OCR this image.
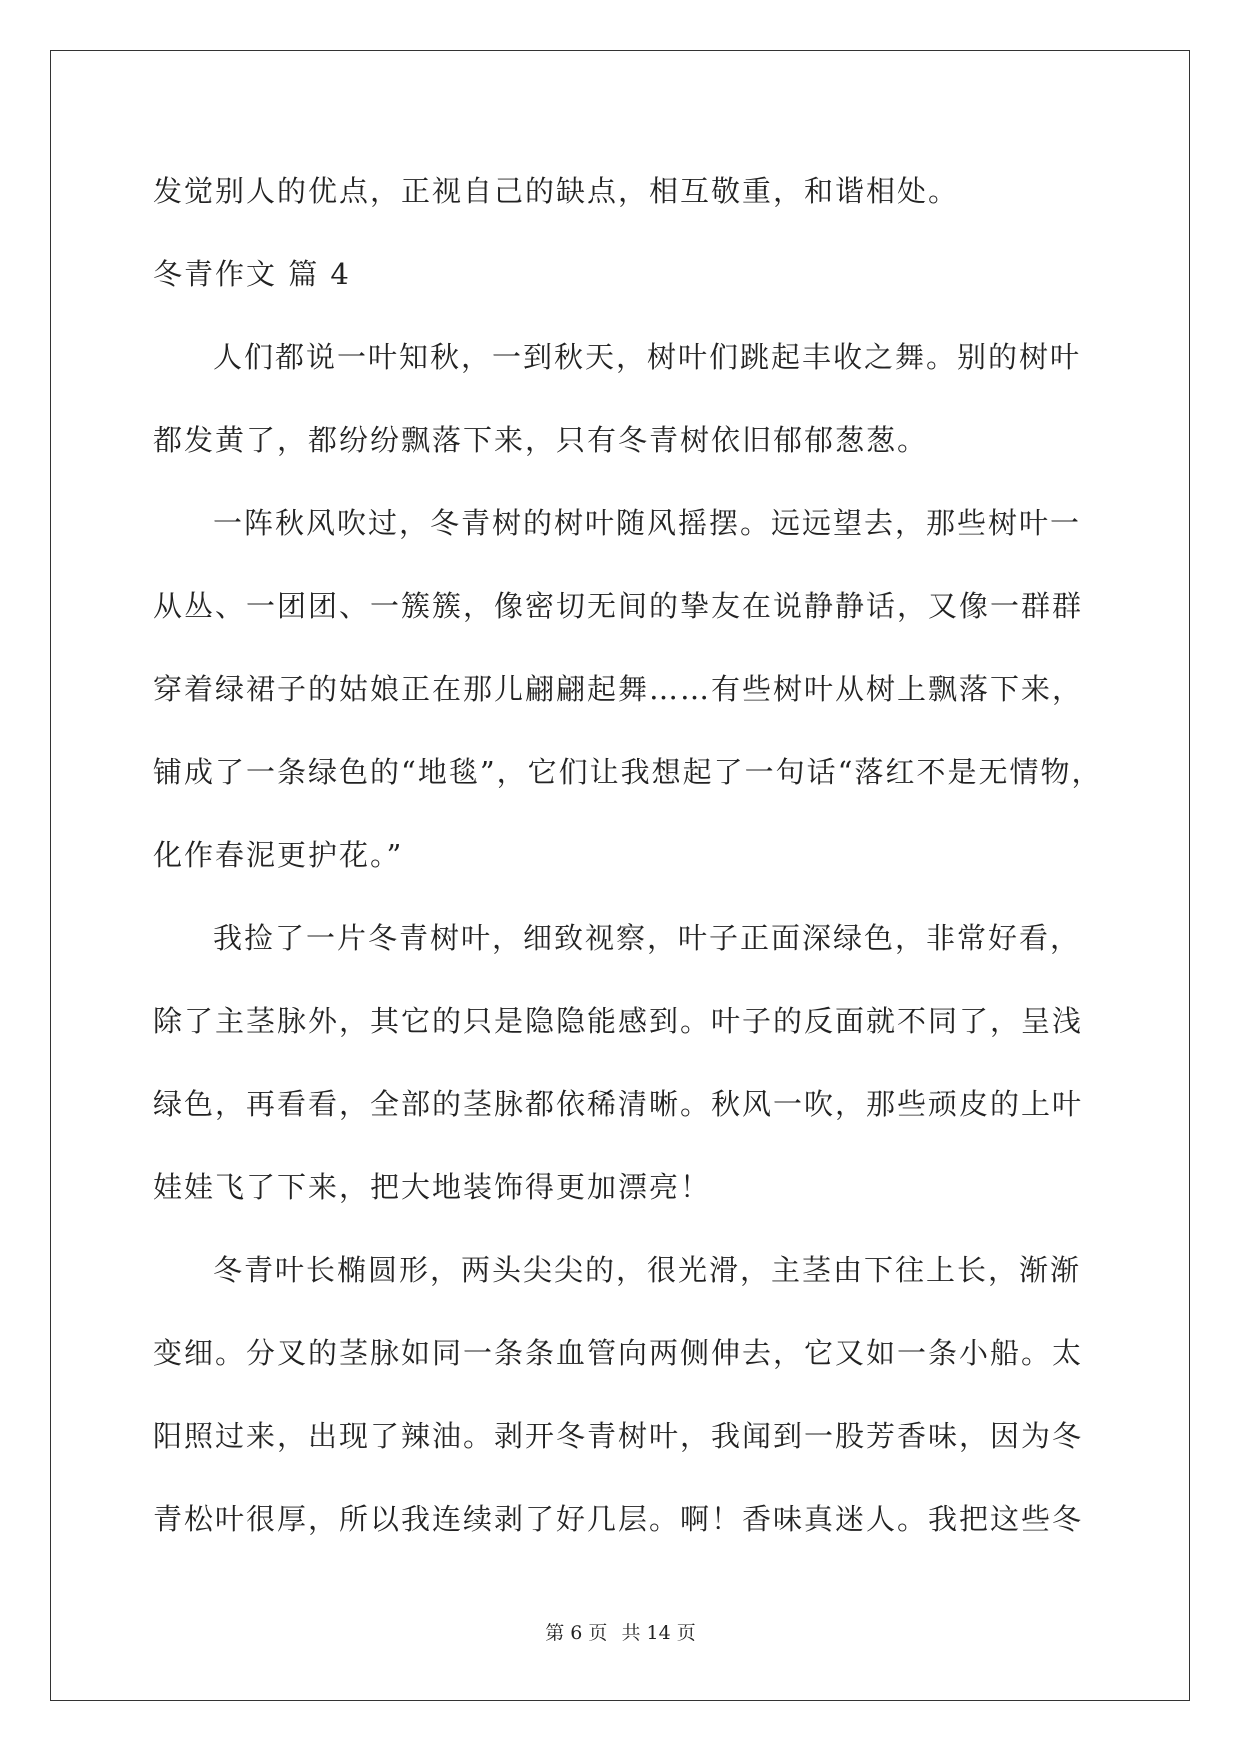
发觉别人的优点，正视自己的缺点，相互敬重，和谐相处。
冬青作文 篇 4
人们都说一叶知秋，一到秋天，树叶们跳起丰收之舞。别的树叶
都发黄了，都纷纷飘落下来，只有冬青树依旧郁郁葱葱。
一阵秋风吹过，冬青树的树叶随风摇摆。远远望去，那些树叶一
从丛、一团团、一簇簇，像密切无间的挚友在说静静话，又像一群群
穿着绿裙子的姑娘正在那儿翩翩起舞……有些树叶从树上飘落下来，
铺成了一条绿色的“地毯”，它们让我想起了一句话“落红不是无情物，
化作春泥更护花。”
我捡了一片冬青树叶，细致视察，叶子正面深绿色，非常好看，
除了主茎脉外，其它的只是隐隐能感到。叶子的反面就不同了，呈浅
绿色，再看看，全部的茎脉都依稀清晰。秋风一吹，那些顽皮的上叶
娃娃飞了下来，把大地装饰得更加漂亮！
冬青叶长椭圆形，两头尖尖的，很光滑，主茎由下往上长，渐渐
变细。分叉的茎脉如同一条条血管向两侧伸去，它又如一条小船。太
阳照过来，出现了辣油。剥开冬青树叶，我闻到一股芳香味，因为冬
青松叶很厚，所以我连续剥了好几层。啊！香味真迷人。我把这些冬
第 6 页 共 14 页
